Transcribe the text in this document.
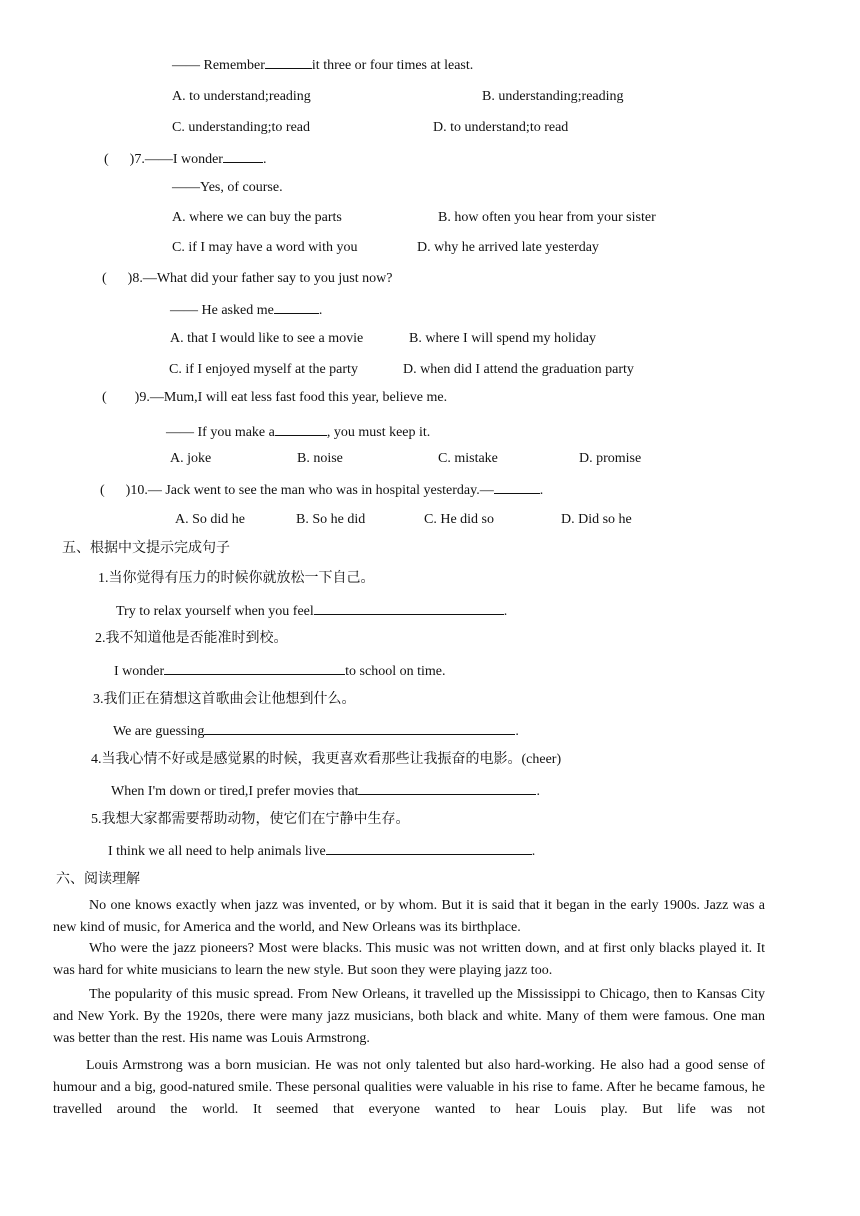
—— Remember	it three or four times at least.
A. to understand;reading	B. understanding;reading
C. understanding;to read	D. to understand;to read
(      )7.——I wonder	.
——Yes, of course.
A. where we can buy the parts	B. how often you hear from your sister
C. if I may have a word with you	D. why he arrived late yesterday
(      )8.—What did your father say to you just now?
—— He asked me	.
A. that I would like to see a movie	B. where I will spend my holiday
C. if I enjoyed myself at the party	D. when did I attend the graduation party
(        )9.—Mum,I will eat less fast food this year, believe me.
—— If you make a	, you must keep it.
A. joke	B. noise	C. mistake	D. promise
(      )10.— Jack went to see the man who was in hospital yesterday.—	.
A. So did he	B. So he did	C. He did so	D. Did so he
五、根据中文提示完成句子
1.当你觉得有压力的时候你就放松一下自己。
Try to relax yourself when you feel	.
2.我不知道他是否能准时到校。
I wonder	to school on time.
3.我们正在猜想这首歌曲会让他想到什么。
We are guessing	.
4.当我心情不好或是感觉累的时候，我更喜欢看那些让我振奋的电影。(cheer)
When I'm down or tired,I prefer movies that	.
5.我想大家都需要帮助动物，使它们在宁静中生存。
I think we all need to help animals live	.
六、阅读理解
No one knows exactly when jazz was invented, or by whom. But it is said that it began in the early 1900s. Jazz was a new kind of music, for America and the world, and New Orleans was its birthplace.
Who were the jazz pioneers? Most were blacks. This music was not written down, and at first only blacks played it. It was hard for white musicians to learn the new style. But soon they were playing jazz too.
The popularity of this music spread. From New Orleans, it travelled up the Mississippi to Chicago, then to Kansas City and New York. By the 1920s, there were many jazz musicians, both black and white. Many of them were famous. One man was better than the rest. His name was Louis Armstrong.
Louis Armstrong was a born musician. He was not only talented but also hard-working. He also had a good sense of humour and a big, good-natured smile. These personal qualities were valuable in his rise to fame. After he became famous, he travelled around the world. It seemed that everyone wanted to hear Louis play. But life was not
